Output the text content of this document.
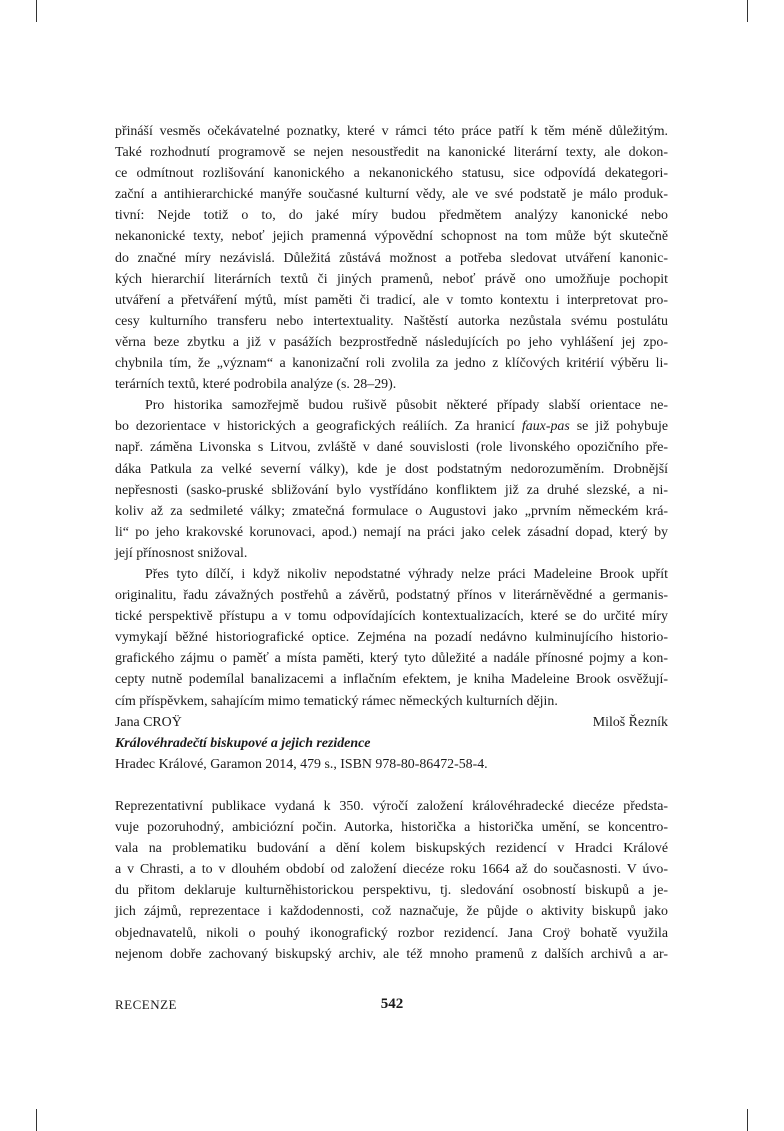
přináší vesměs očekávatelné poznatky, které v rámci této práce patří k těm méně důležitým.
Také rozhodnutí programově se nejen nesoustředit na kanonické literární texty, ale dokon-
ce odmítnout rozlišování kanonického a nekanonického statusu, sice odpovídá dekategori-
zační a antihierarchické manýře současné kulturní vědy, ale ve své podstatě je málo produk-
tivní: Nejde totiž o to, do jaké míry budou předmětem analýzy kanonické nebo
nekanonické texty, neboť jejich pramenná výpovědní schopnost na tom může být skutečně
do značné míry nezávislá. Důležitá zůstává možnost a potřeba sledovat utváření kanonic-
kých hierarchií literárních textů či jiných pramenů, neboť právě ono umožňuje pochopit
utváření a přetváření mýtů, míst paměti či tradicí, ale v tomto kontextu i interpretovat pro-
cesy kulturního transferu nebo intertextuality. Naštěstí autorka nezůstala svému postulátu
věrna beze zbytku a již v pasážích bezprostředně následujících po jeho vyhlášení jej zpo-
chybnila tím, že „význam“ a kanonizační roli zvolila za jedno z klíčových kritérií výběru li-
terárních textů, které podrobila analýze (s. 28–29).
Pro historika samozřejmě budou rušivě působit některé případy slabší orientace ne-
bo dezorientace v historických a geografických reáliích. Za hranicí faux-pas se již pohybuje
např. záměna Livonska s Litvou, zvláště v dané souvislosti (role livonského opozičního pře-
dáka Patkula za velké severní války), kde je dost podstatným nedorozuměním. Drobnější
nepřesnosti (sasko-pruské sbližování bylo vystřídáno konfliktem již za druhé slezské, a ni-
koliv až za sedmileté války; zmatečná formulace o Augustovi jako „prvním německém krá-
li“ po jeho krakovské korunovaci, apod.) nemají na práci jako celek zásadní dopad, který by
její přínosnost snižoval.
Přes tyto dílčí, i když nikoliv nepodstatné výhrady nelze práci Madeleine Brook upřít
originalitu, řadu závažných postřehů a závěrů, podstatný přínos v literárněvědné a germanis-
tické perspektivě přístupu a v tomu odpovídajících kontextualizacích, které se do určité míry
vymykají běžné historiografické optice. Zejména na pozadí nedávno kulminujícího historio-
grafického zájmu o paměť a místa paměti, který tyto důležité a nadále přínosné pojmy a kon-
cepty nutně podemílal banalizacemi a inflačním efektem, je kniha Madeleine Brook osvěžují-
cím příspěvkem, sahajícím mimo tematický rámec německých kulturních dějin.
Miloš Řezník
Jana CROŸ
Královéhradečtí biskupové a jejich rezidence
Hradec Králové, Garamon 2014, 479 s., ISBN 978-80-86472-58-4.
Reprezentativní publikace vydaná k 350. výročí založení královéhradecké diecéze předsta-
vuje pozoruhodný, ambiciózní počin. Autorka, historička a historička umění, se koncentro-
vala na problematiku budování a dění kolem biskupských rezidencí v Hradci Králové
a v Chrasti, a to v dlouhém období od založení diecéze roku 1664 až do současnosti. V úvo-
du přitom deklaruje kulturněhistorickou perspektivu, tj. sledování osobností biskupů a je-
jich zájmů, reprezentace i každodennosti, což naznačuje, že půjde o aktivity biskupů jako
objednavatelů, nikoli o pouhý ikonografický rozbor rezidencí. Jana Croÿ bohatě využila
nejenom dobře zachovaný biskupský archiv, ale též mnoho pramenů z dalších archivů a ar-
RECENZE	542
